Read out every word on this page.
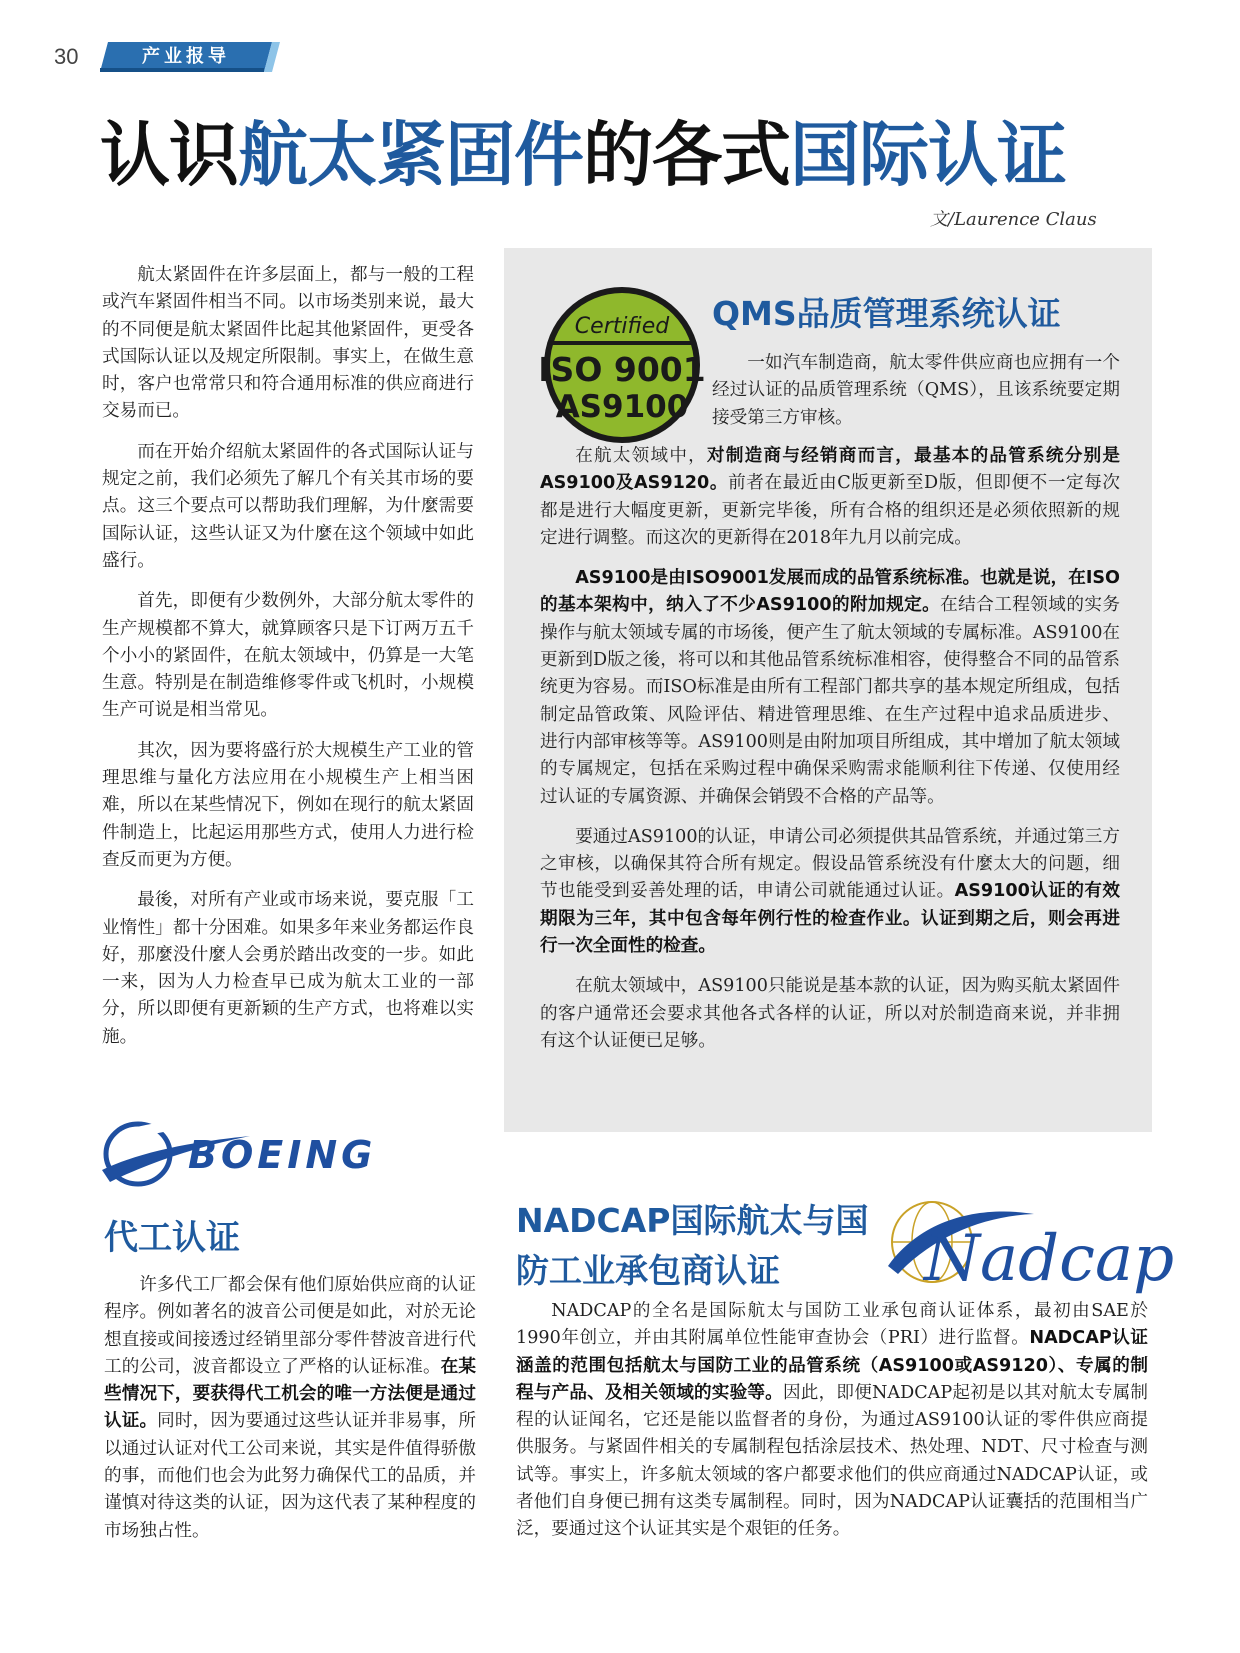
30	产业报导
认识航太紧固件的各式国际认证
文/Laurence Claus

航太紧固件在许多层面上，都与一般的工程或汽车紧固件相当不同。以市场类别来说，最大的不同便是航太紧固件比起其他紧固件，更受各式国际认证以及规定所限制。事实上，在做生意时，客户也常常只和符合通用标准的供应商进行交易而已。

而在开始介绍航太紧固件的各式国际认证与规定之前，我们必须先了解几个有关其市场的要点。这三个要点可以帮助我们理解，为什麼需要国际认证，这些认证又为什麼在这个领域中如此盛行。

首先，即便有少数例外，大部分航太零件的生产规模都不算大，就算顾客只是下订两万五千个小小的紧固件，在航太领域中，仍算是一大笔生意。特别是在制造维修零件或飞机时，小规模生产可说是相当常见。

其次，因为要将盛行於大规模生产工业的管理思维与量化方法应用在小规模生产上相当困难，所以在某些情况下，例如在现行的航太紧固件制造上，比起运用那些方式，使用人力进行检查反而更为方便。

最後，对所有产业或市场来说，要克服「工业惰性」都十分困难。如果多年来业务都运作良好，那麼没什麼人会勇於踏出改变的一步。如此一来，因为人力检查早已成为航太工业的一部分，所以即便有更新颖的生产方式，也将难以实施。

Certified
ISO 9001
AS9100
QMS品质管理系统认证

一如汽车制造商，航太零件供应商也应拥有一个经过认证的品质管理系统（QMS），且该系统要定期接受第三方审核。

在航太领域中，对制造商与经销商而言，最基本的品管系统分别是AS9100及AS9120。前者在最近由C版更新至D版，但即便不一定每次都是进行大幅度更新，更新完毕後，所有合格的组织还是必须依照新的规定进行调整。而这次的更新得在2018年九月以前完成。

AS9100是由ISO9001发展而成的品管系统标准。也就是说，在ISO的基本架构中，纳入了不少AS9100的附加规定。在结合工程领域的实务操作与航太领域专属的市场後，便产生了航太领域的专属标准。AS9100在更新到D版之後，将可以和其他品管系统标准相容，使得整合不同的品管系统更为容易。而ISO标准是由所有工程部门都共享的基本规定所组成，包括制定品管政策、风险评估、精进管理思维、在生产过程中追求品质进步、进行内部审核等等。AS9100则是由附加项目所组成，其中增加了航太领域的专属规定，包括在采购过程中确保采购需求能顺利往下传递、仅使用经过认证的专属资源、并确保会销毁不合格的产品等。

要通过AS9100的认证，申请公司必须提供其品管系统，并通过第三方之审核，以确保其符合所有规定。假设品管系统没有什麼太大的问题，细节也能受到妥善处理的话，申请公司就能通过认证。AS9100认证的有效期限为三年，其中包含每年例行性的检查作业。认证到期之后，则会再进行一次全面性的检查。

在航太领域中，AS9100只能说是基本款的认证，因为购买航太紧固件的客户通常还会要求其他各式各样的认证，所以对於制造商来说，并非拥有这个认证便已足够。

BOEING
代工认证

许多代工厂都会保有他们原始供应商的认证程序。例如著名的波音公司便是如此，对於无论想直接或间接透过经销里部分零件替波音进行代工的公司，波音都设立了严格的认证标准。在某些情况下，要获得代工机会的唯一方法便是通过认证。同时，因为要通过这些认证并非易事，所以通过认证对代工公司来说，其实是件值得骄傲的事，而他们也会为此努力确保代工的品质，并谨慎对待这类的认证，因为这代表了某种程度的市场独占性。

NADCAP国际航太与国
防工业承包商认证	Nadcap

NADCAP的全名是国际航太与国防工业承包商认证体系，最初由SAE於1990年创立，并由其附属单位性能审查协会（PRI）进行监督。NADCAP认证涵盖的范围包括航太与国防工业的品管系统（AS9100或AS9120）、专属的制程与产品、及相关领域的实验等。因此，即便NADCAP起初是以其对航太专属制程的认证闻名，它还是能以监督者的身份，为通过AS9100认证的零件供应商提供服务。与紧固件相关的专属制程包括涂层技术、热处理、NDT、尺寸检查与测试等。事实上，许多航太领域的客户都要求他们的供应商通过NADCAP认证，或者他们自身便已拥有这类专属制程。同时，因为NADCAP认证囊括的范围相当广泛，要通过这个认证其实是个艰钜的任务。
